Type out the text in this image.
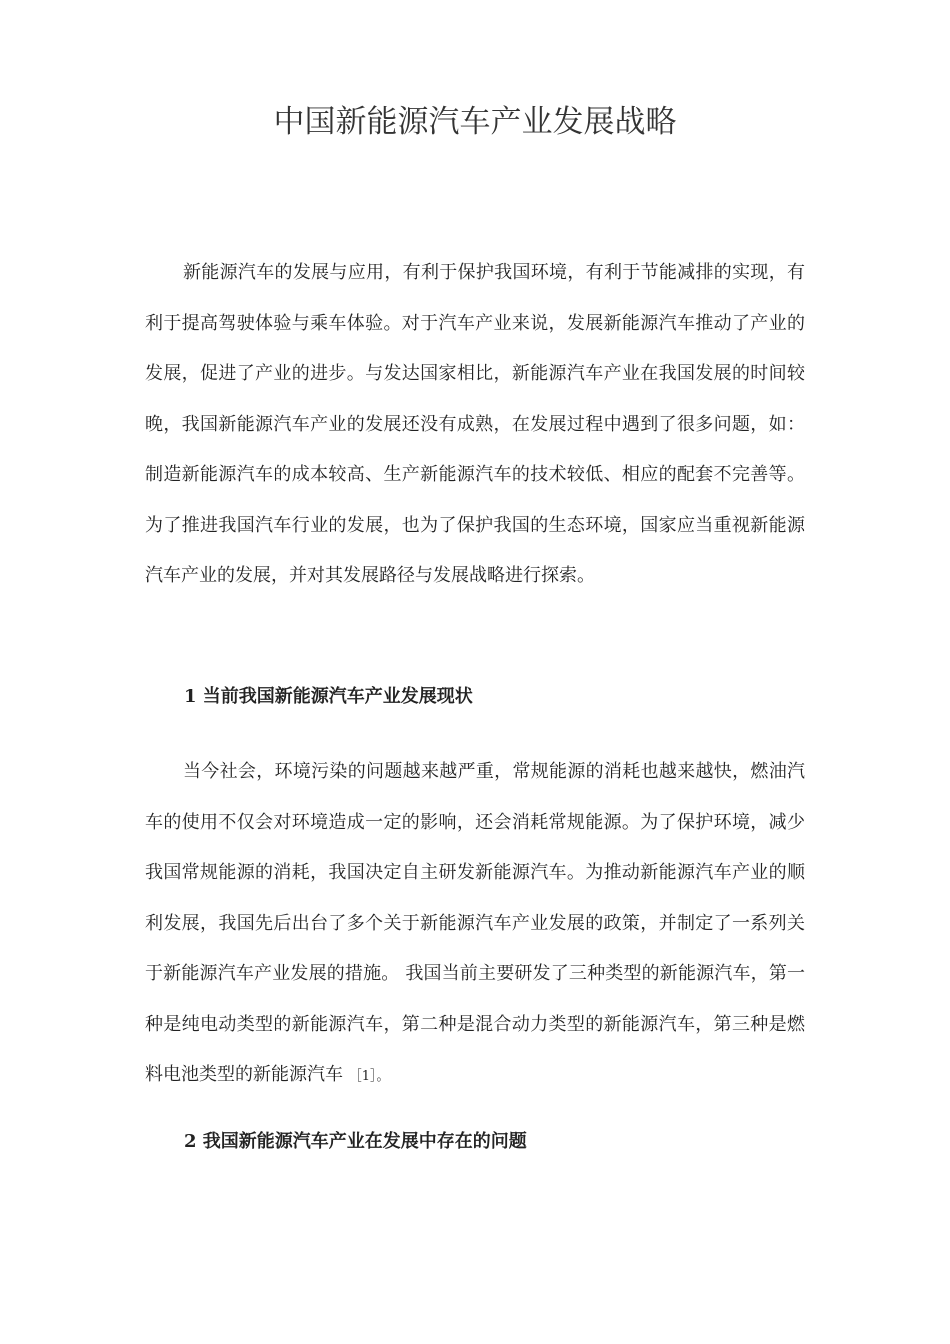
中国新能源汽车产业发展战略

新能源汽车的发展与应用，有利于保护我国环境，有利于节能减排的实现，有利于提高驾驶体验与乘车体验。对于汽车产业来说，发展新能源汽车推动了产业的发展，促进了产业的进步。与发达国家相比，新能源汽车产业在我国发展的时间较晚，我国新能源汽车产业的发展还没有成熟，在发展过程中遇到了很多问题，如：制造新能源汽车的成本较高、生产新能源汽车的技术较低、相应的配套不完善等。为了推进我国汽车行业的发展，也为了保护我国的生态环境，国家应当重视新能源汽车产业的发展，并对其发展路径与发展战略进行探索。

1 当前我国新能源汽车产业发展现状

当今社会，环境污染的问题越来越严重，常规能源的消耗也越来越快，燃油汽车的使用不仅会对环境造成一定的影响，还会消耗常规能源。为了保护环境，减少我国常规能源的消耗，我国决定自主研发新能源汽车。为推动新能源汽车产业的顺利发展，我国先后出台了多个关于新能源汽车产业发展的政策，并制定了一系列关于新能源汽车产业发展的措施。 我国当前主要研发了三种类型的新能源汽车，第一种是纯电动类型的新能源汽车，第二种是混合动力类型的新能源汽车，第三种是燃料电池类型的新能源汽车 ［1］。

2 我国新能源汽车产业在发展中存在的问题
